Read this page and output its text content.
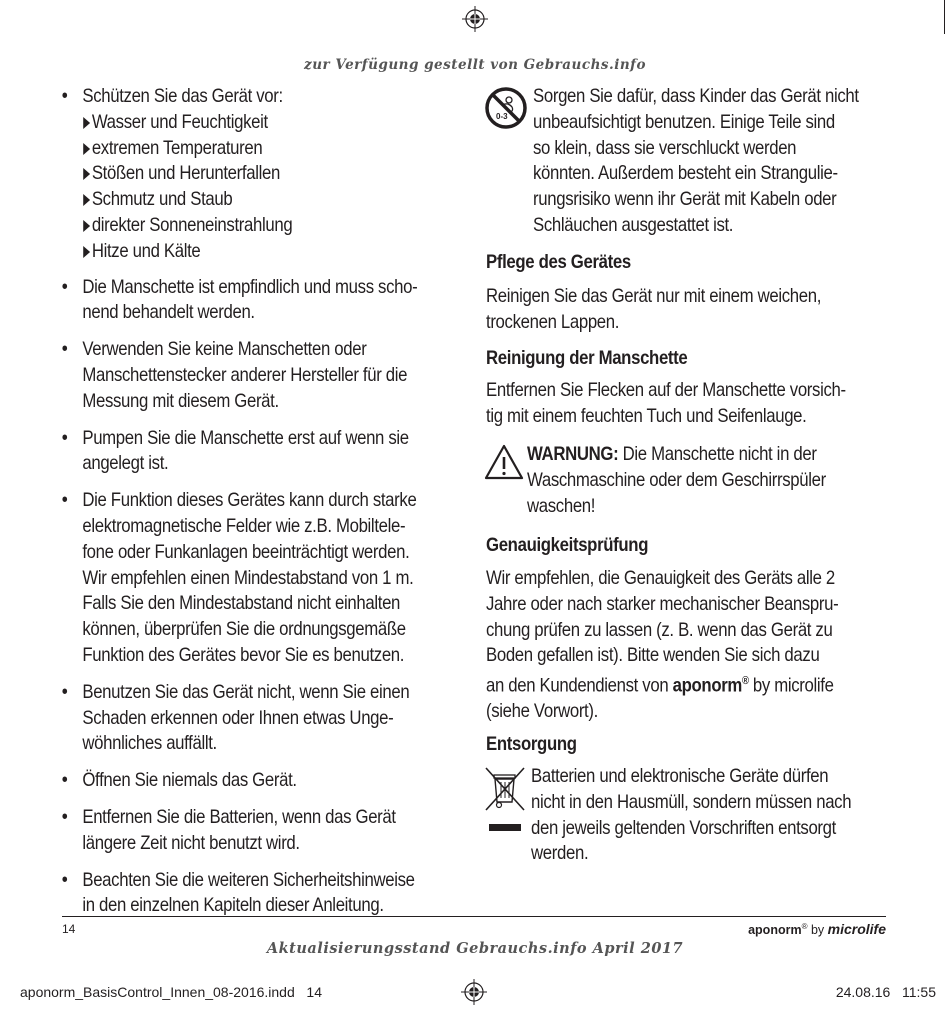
zur Verfügung gestellt von Gebrauchs.info
• Schützen Sie das Gerät vor:
Wasser und Feuchtigkeit
extremen Temperaturen
Stößen und Herunterfallen
Schmutz und Staub
direkter Sonneneinstrahlung
Hitze und Kälte
• Die Manschette ist empfindlich und muss scho-
nend behandelt werden.
• Verwenden Sie keine Manschetten oder
Manschettenstecker anderer Hersteller für die
Messung mit diesem Gerät.
• Pumpen Sie die Manschette erst auf wenn sie
angelegt ist.
• Die Funktion dieses Gerätes kann durch starke
elektromagnetische Felder wie z.B. Mobiltele-
fone oder Funkanlagen beeinträchtigt werden.
Wir empfehlen einen Mindestabstand von 1 m.
Falls Sie den Mindestabstand nicht einhalten
können, überprüfen Sie die ordnungsgemäße
Funktion des Gerätes bevor Sie es benutzen.
• Benutzen Sie das Gerät nicht, wenn Sie einen
Schaden erkennen oder Ihnen etwas Unge-
wöhnliches auffällt.
• Öffnen Sie niemals das Gerät.
• Entfernen Sie die Batterien, wenn das Gerät
längere Zeit nicht benutzt wird.
• Beachten Sie die weiteren Sicherheitshinweise
in den einzelnen Kapiteln dieser Anleitung.
0-3
Sorgen Sie dafür, dass Kinder das Gerät nicht
unbeaufsichtigt benutzen. Einige Teile sind
so klein, dass sie verschluckt werden
könnten. Außerdem besteht ein Strangulie-
rungsrisiko wenn ihr Gerät mit Kabeln oder
Schläuchen ausgestattet ist.
Pflege des Gerätes
Reinigen Sie das Gerät nur mit einem weichen,
trockenen Lappen.
Reinigung der Manschette
Entfernen Sie Flecken auf der Manschette vorsich-
tig mit einem feuchten Tuch und Seifenlauge.
WARNUNG: Die Manschette nicht in der
Waschmaschine oder dem Geschirrspüler
waschen!
Genauigkeitsprüfung
Wir empfehlen, die Genauigkeit des Geräts alle 2
Jahre oder nach starker mechanischer Beanspru-
chung prüfen zu lassen (z. B. wenn das Gerät zu
Boden gefallen ist). Bitte wenden Sie sich dazu
an den Kundendienst von aponorm® by microlife
(siehe Vorwort).
Entsorgung
Batterien und elektronische Geräte dürfen
nicht in den Hausmüll, sondern müssen nach
den jeweils geltenden Vorschriften entsorgt
werden.
14	aponorm® by microlife
Aktualisierungsstand Gebrauchs.info April 2017
aponorm_BasisControl_Innen_08-2016.indd   14	24.08.16   11:55
